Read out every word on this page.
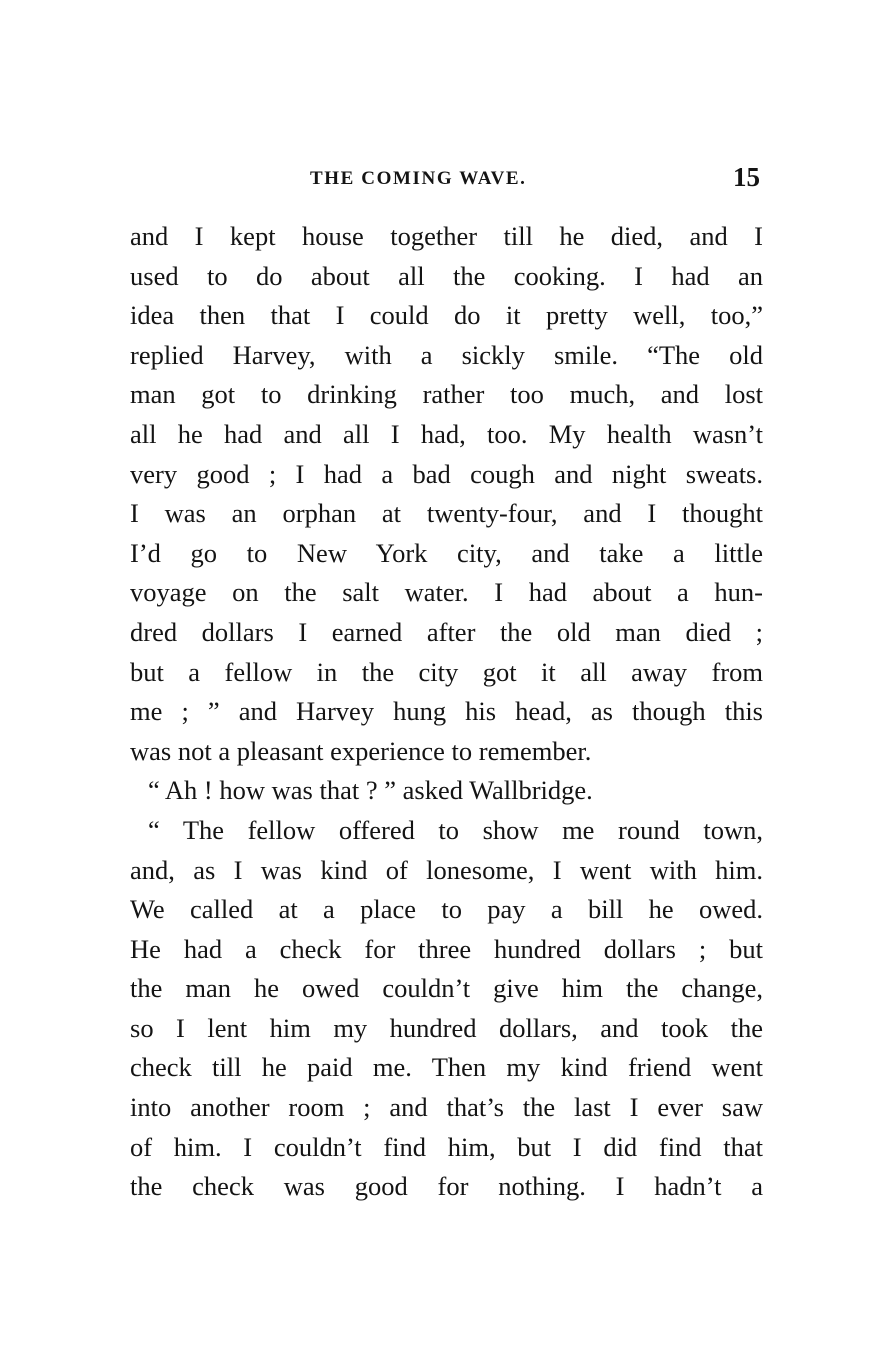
THE COMING WAVE.	15
and I kept house together till he died, and I
used to do about all the cooking. I had an
idea then that I could do it pretty well, too,”
replied Harvey, with a sickly smile. “The old
man got to drinking rather too much, and lost
all he had and all I had, too. My health wasn’t
very good ; I had a bad cough and night sweats.
I was an orphan at twenty-four, and I thought
I’d go to New York city, and take a little
voyage on the salt water. I had about a hun-
dred dollars I earned after the old man died ;
but a fellow in the city got it all away from
me ; ” and Harvey hung his head, as though this
was not a pleasant experience to remember.
“ Ah ! how was that ? ” asked Wallbridge.
“ The fellow offered to show me round town,
and, as I was kind of lonesome, I went with him.
We called at a place to pay a bill he owed.
He had a check for three hundred dollars ; but
the man he owed couldn’t give him the change,
so I lent him my hundred dollars, and took the
check till he paid me. Then my kind friend went
into another room ; and that’s the last I ever saw
of him. I couldn’t find him, but I did find that
the check was good for nothing. I hadn’t a
